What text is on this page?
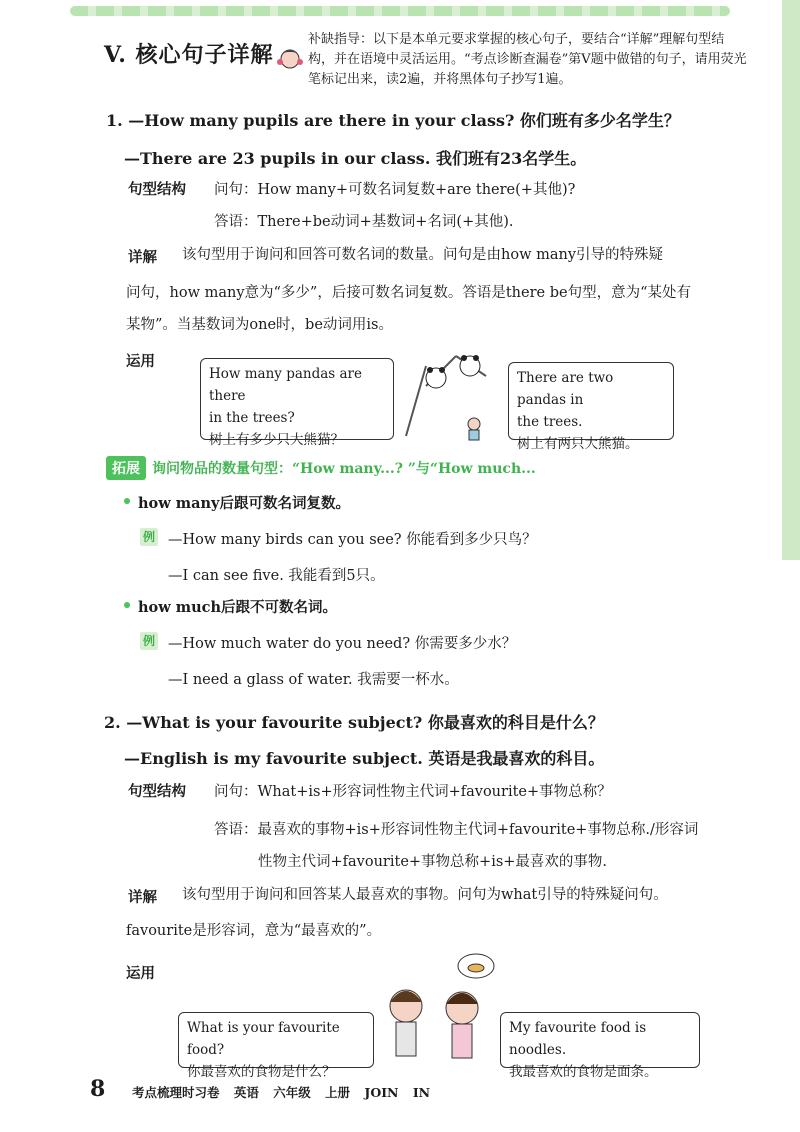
V. 核心句子详解
补缺指导：以下是本单元要求掌握的核心句子，要结合“详解”理解句型结构，并在语境中灵活运用。“考点诊断查漏卷”第Ⅴ题中做错的句子，请用荧光笔标记出来，读2遍，并将黑体句子抄写1遍。
1. —How many pupils are there in your class? 你们班有多少名学生？
—There are 23 pupils in our class. 我们班有23名学生。
句型结构 问句：How many+可数名词复数+are there(+其他)?
答语：There+be动词+基数词+名词(+其他).
详解 该句型用于询问和回答可数名词的数量。问句是由how many引导的特殊疑
问句，how many意为“多少”，后接可数名词复数。答语是there be句型，意为“某处有
某物”。当基数词为one时，be动词用is。
运用
How many pandas are there
in the trees?
树上有多少只大熊猫？
There are two pandas in
the trees.
树上有两只大熊猫。
拓展 询问物品的数量句型：“How many...? ”与“How much...
how many后跟可数名词复数。
例 —How many birds can you see? 你能看到多少只鸟？
—I can see five. 我能看到5只。
how much后跟不可数名词。
例 —How much water do you need? 你需要多少水？
—I need a glass of water. 我需要一杯水。
2. —What is your favourite subject? 你最喜欢的科目是什么？
—English is my favourite subject. 英语是我最喜欢的科目。
句型结构 问句：What+is+形容词性物主代词+favourite+事物总称？
答语：最喜欢的事物+is+形容词性物主代词+favourite+事物总称./形容词
性物主代词+favourite+事物总称+is+最喜欢的事物.
详解 该句型用于询问和回答某人最喜欢的事物。问句为what引导的特殊疑问句。
favourite是形容词，意为“最喜欢的”。
运用
What is your favourite food?
你最喜欢的食物是什么？
My favourite food is noodles.
我最喜欢的食物是面条。
8 考点梳理时习卷 英语 六年级 上册 JOIN IN
